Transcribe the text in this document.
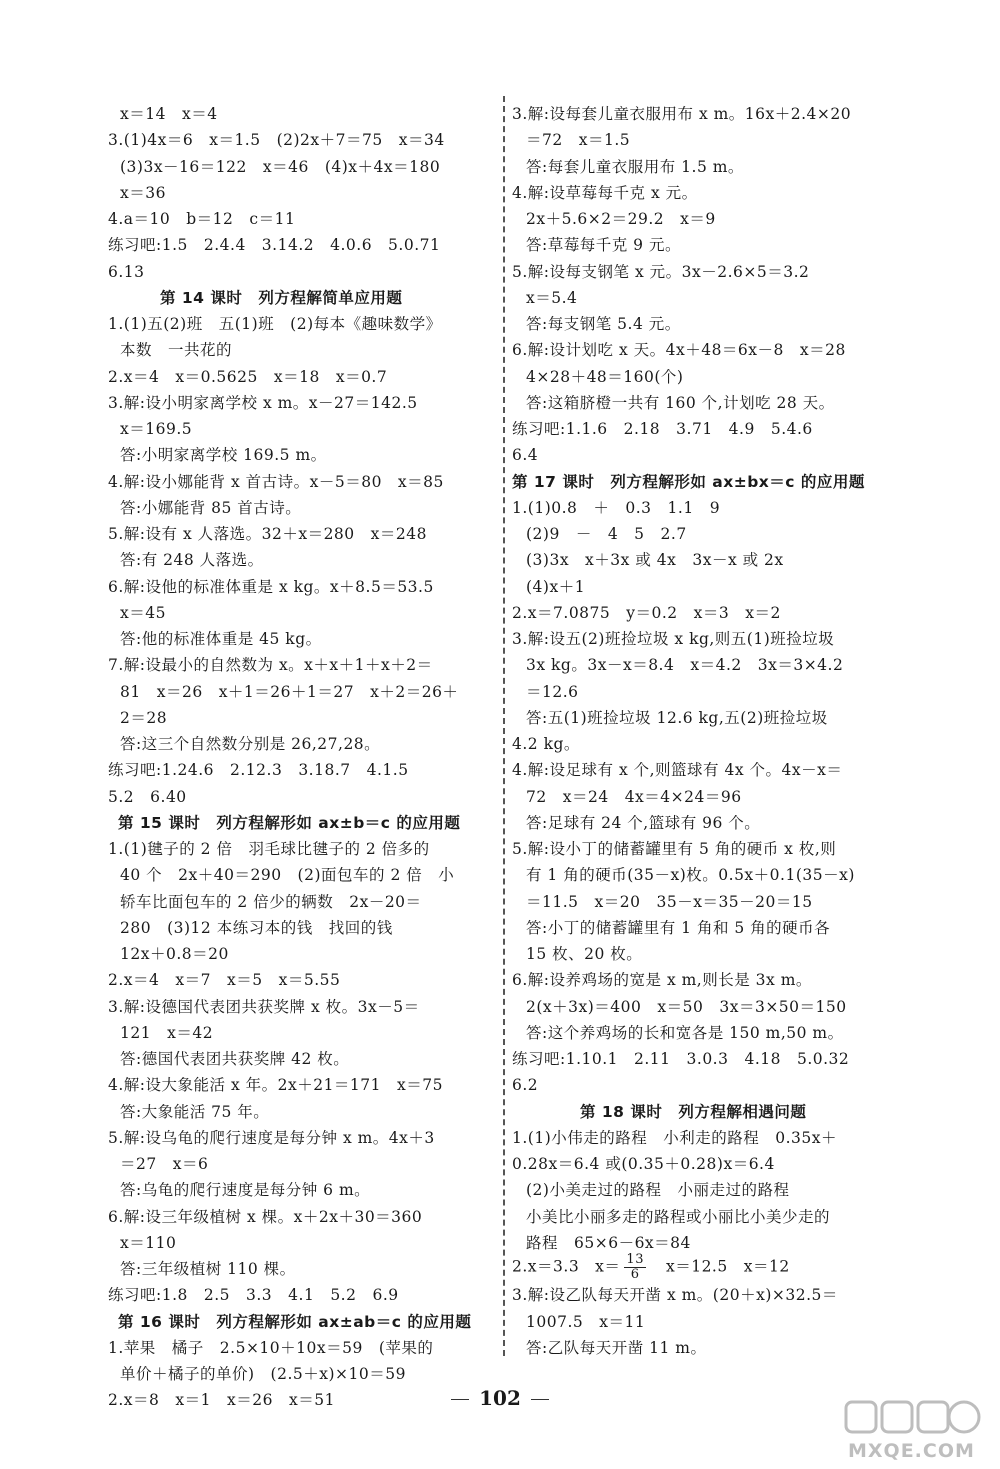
x＝14　x＝4
3.(1)4x＝6　x＝1.5　(2)2x＋7＝75　x＝34
(3)3x－16＝122　x＝46　(4)x＋4x＝180
x＝36
4.a＝10　b＝12　c＝11
练习吧:1.5　2.4.4　3.14.2　4.0.6　5.0.71
6.13
第 14 课时　列方程解简单应用题
1.(1)五(2)班　五(1)班　(2)每本《趣味数学》
本数　一共花的
2.x＝4　x＝0.5625　x＝18　x＝0.7
3.解:设小明家离学校 x m。x－27＝142.5
x＝169.5
答:小明家离学校 169.5 m。
4.解:设小娜能背 x 首古诗。x－5＝80　x＝85
答:小娜能背 85 首古诗。
5.解:设有 x 人落选。32＋x＝280　x＝248
答:有 248 人落选。
6.解:设他的标准体重是 x kg。x＋8.5＝53.5
x＝45
答:他的标准体重是 45 kg。
7.解:设最小的自然数为 x。x＋x＋1＋x＋2＝
81　x＝26　x＋1＝26＋1＝27　x＋2＝26＋
2＝28
答:这三个自然数分别是 26,27,28。
练习吧:1.24.6　2.12.3　3.18.7　4.1.5
5.2　6.40
第 15 课时　列方程解形如 ax±b＝c 的应用题
1.(1)毽子的 2 倍　羽毛球比毽子的 2 倍多的
40 个　2x＋40＝290　(2)面包车的 2 倍　小
轿车比面包车的 2 倍少的辆数　2x－20＝
280　(3)12 本练习本的钱　找回的钱
12x＋0.8＝20
2.x＝4　x＝7　x＝5　x＝5.55
3.解:设德国代表团共获奖牌 x 枚。3x－5＝
121　x＝42
答:德国代表团共获奖牌 42 枚。
4.解:设大象能活 x 年。2x＋21＝171　x＝75
答:大象能活 75 年。
5.解:设乌龟的爬行速度是每分钟 x m。4x＋3
＝27　x＝6
答:乌龟的爬行速度是每分钟 6 m。
6.解:设三年级植树 x 棵。x＋2x＋30＝360
x＝110
答:三年级植树 110 棵。
练习吧:1.8　2.5　3.3　4.1　5.2　6.9
第 16 课时　列方程解形如 ax±ab＝c 的应用题
1.苹果　橘子　2.5×10＋10x＝59　(苹果的
单价＋橘子的单价)　(2.5＋x)×10＝59
2.x＝8　x＝1　x＝26　x＝51
3.解:设每套儿童衣服用布 x m。16x＋2.4×20
＝72　x＝1.5
答:每套儿童衣服用布 1.5 m。
4.解:设草莓每千克 x 元。
2x＋5.6×2＝29.2　x＝9
答:草莓每千克 9 元。
5.解:设每支钢笔 x 元。3x－2.6×5＝3.2
x＝5.4
答:每支钢笔 5.4 元。
6.解:设计划吃 x 天。4x＋48＝6x－8　x＝28
4×28＋48＝160(个)
答:这箱脐橙一共有 160 个,计划吃 28 天。
练习吧:1.1.6　2.18　3.71　4.9　5.4.6
6.4
第 17 课时　列方程解形如 ax±bx＝c 的应用题
1.(1)0.8　＋　0.3　1.1　9
(2)9　－　4　5　2.7
(3)3x　x＋3x 或 4x　3x－x 或 2x
(4)x＋1
2.x＝7.0875　y＝0.2　x＝3　x＝2
3.解:设五(2)班捡垃圾 x kg,则五(1)班捡垃圾
3x kg。3x－x＝8.4　x＝4.2　3x＝3×4.2
＝12.6
答:五(1)班捡垃圾 12.6 kg,五(2)班捡垃圾
4.2 kg。
4.解:设足球有 x 个,则篮球有 4x 个。4x－x＝
72　x＝24　4x＝4×24＝96
答:足球有 24 个,篮球有 96 个。
5.解:设小丁的储蓄罐里有 5 角的硬币 x 枚,则
有 1 角的硬币(35－x)枚。0.5x＋0.1(35－x)
＝11.5　x＝20　35－x＝35－20＝15
答:小丁的储蓄罐里有 1 角和 5 角的硬币各
15 枚、20 枚。
6.解:设养鸡场的宽是 x m,则长是 3x m。
2(x＋3x)＝400　x＝50　3x＝3×50＝150
答:这个养鸡场的长和宽各是 150 m,50 m。
练习吧:1.10.1　2.11　3.0.3　4.18　5.0.32
6.2
第 18 课时　列方程解相遇问题
1.(1)小伟走的路程　小利走的路程　0.35x＋
0.28x＝6.4 或(0.35＋0.28)x＝6.4
(2)小美走过的路程　小丽走过的路程
小美比小丽多走的路程或小丽比小美少走的
路程　65×6－6x＝84
2.x＝3.3　$x= \frac{13}{6}$ 　x＝12.5　x＝12
3.解:设乙队每天开凿 x m。(20＋x)×32.5＝
1007.5　x＝11
答:乙队每天开凿 11 m。
102
MXQE.COM
